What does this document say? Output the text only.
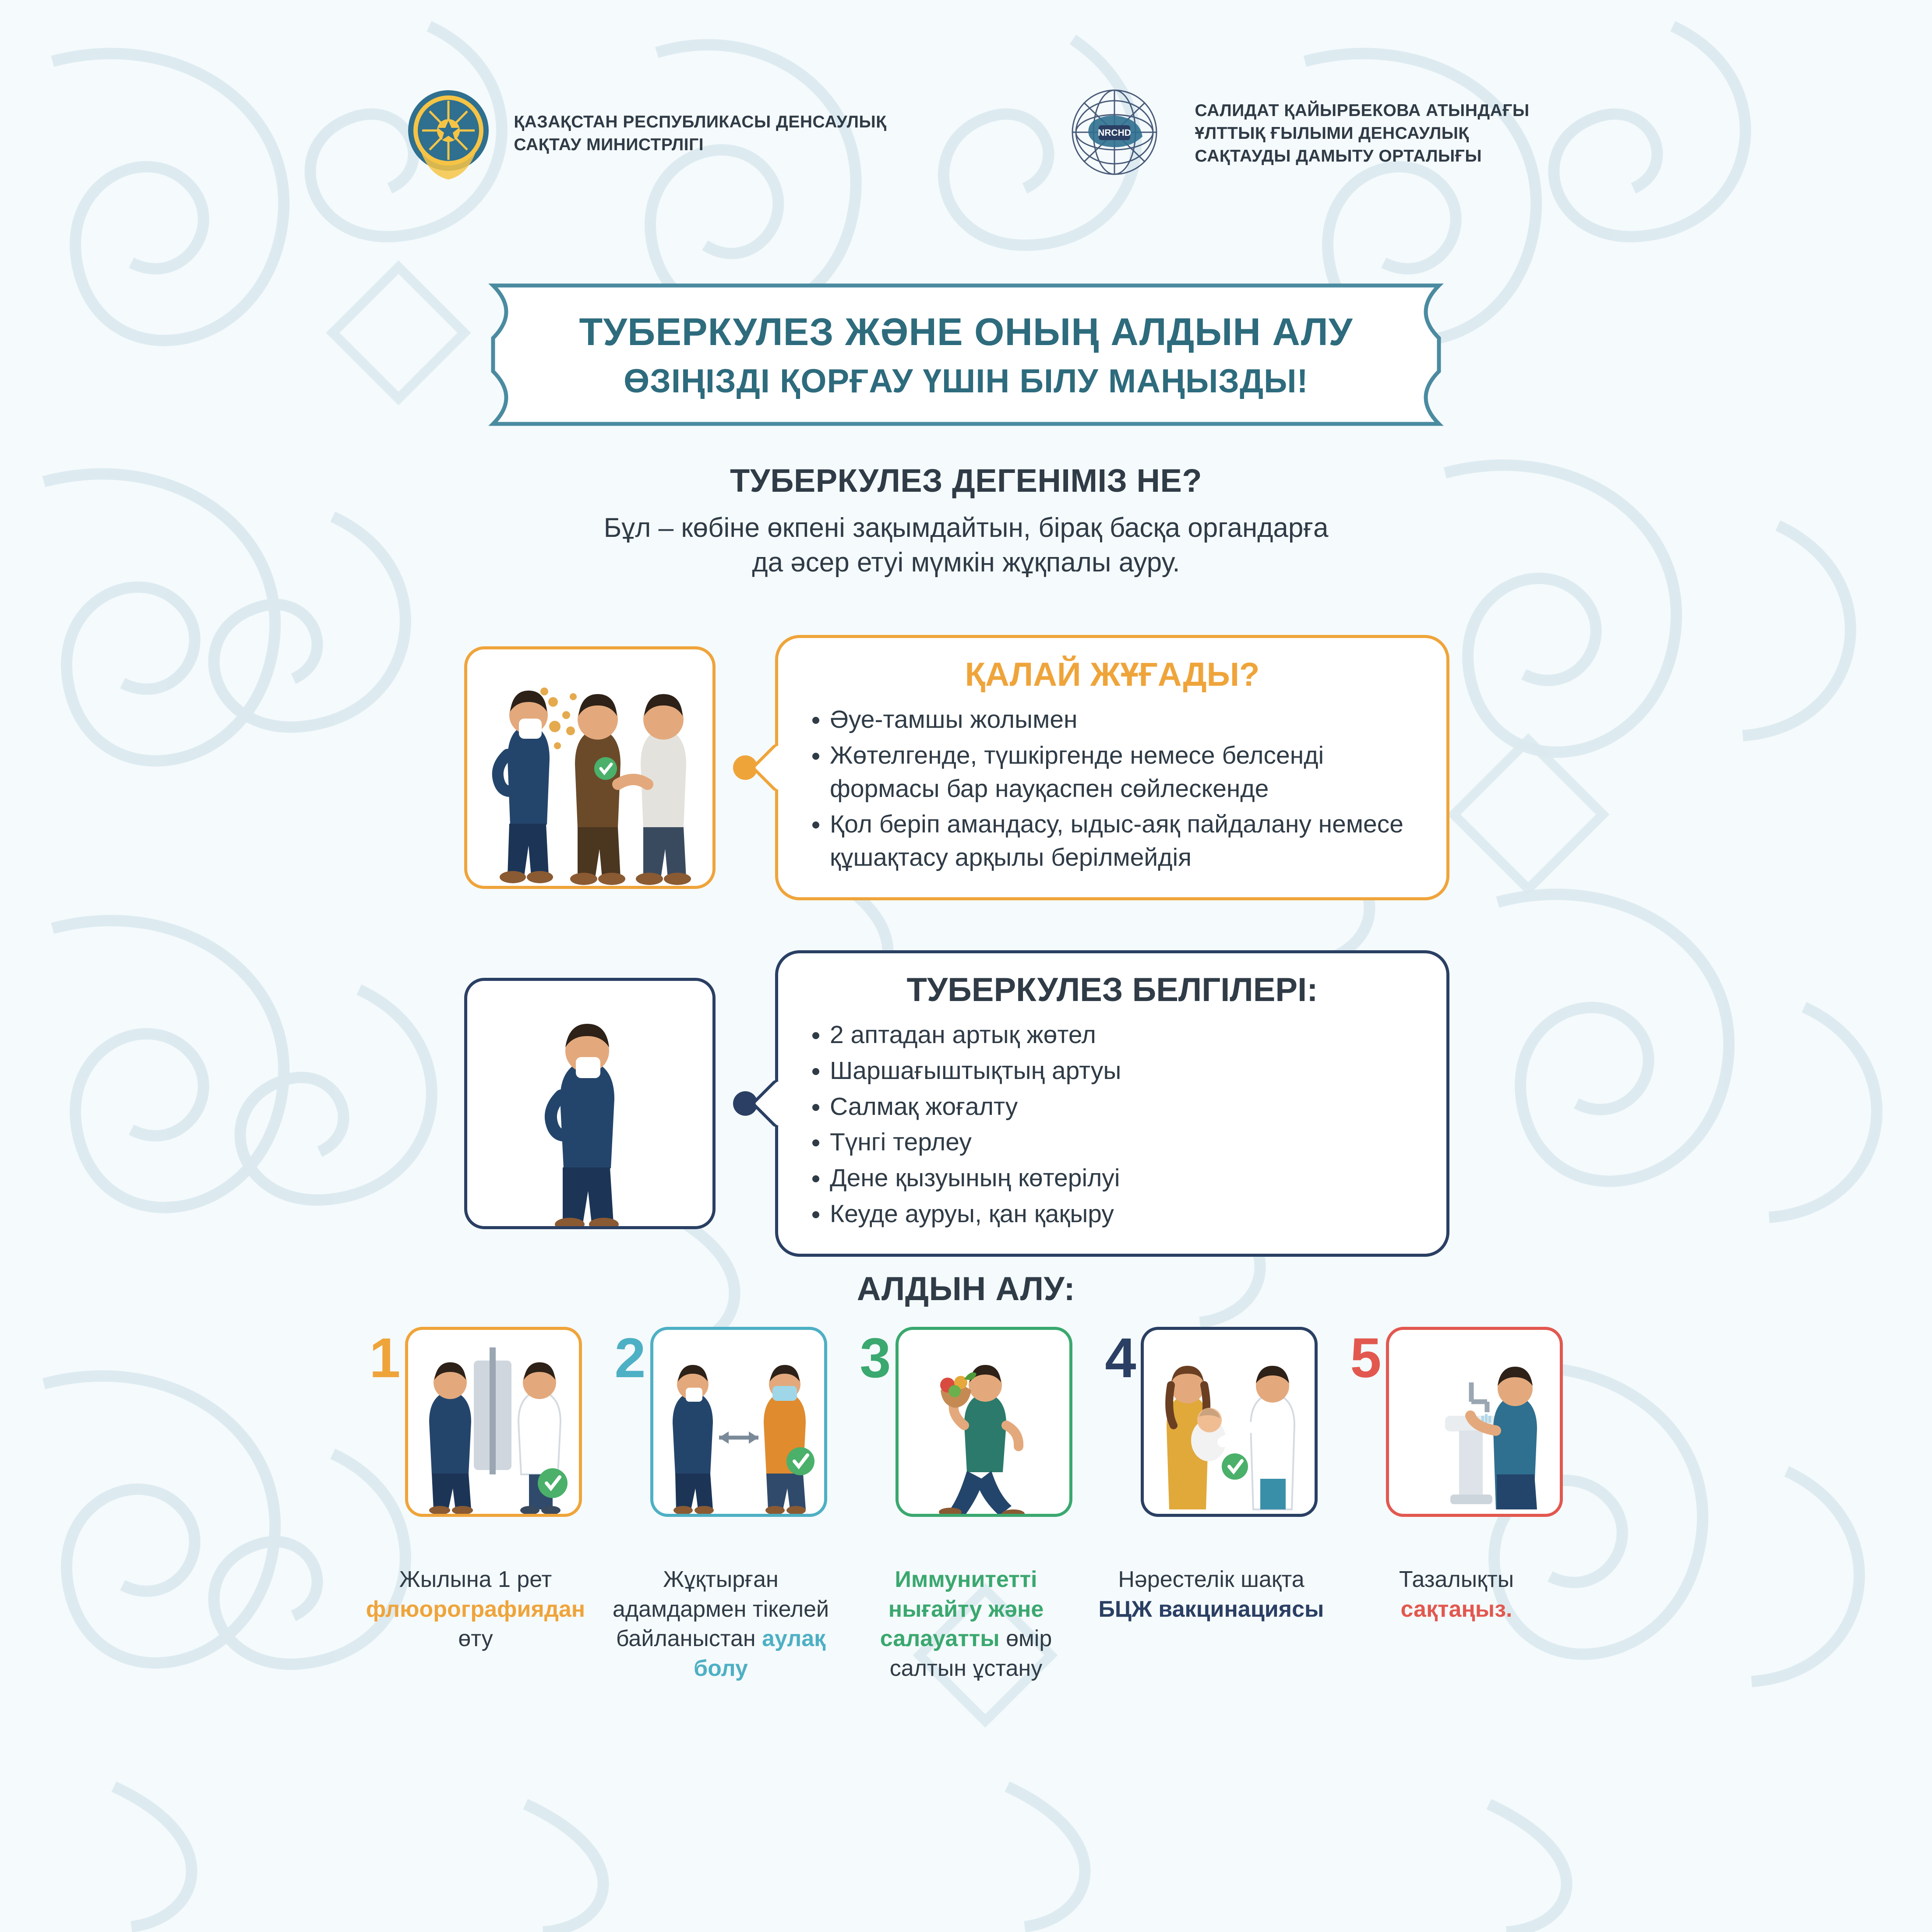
ҚАЗАҚСТАН РЕСПУБЛИКАСЫ ДЕНСАУЛЫҚ
САҚТАУ МИНИСТРЛІГІ
NRCHD
САЛИДАТ ҚАЙЫРБЕКОВА АТЫНДАҒЫ
ҰЛТТЫҚ ҒЫЛЫМИ ДЕНСАУЛЫҚ
САҚТАУДЫ ДАМЫТУ ОРТАЛЫҒЫ
ТУБЕРКУЛЕЗ ЖӘНЕ ОНЫҢ АЛДЫН АЛУ
ӨЗІҢІЗДІ ҚОРҒАУ ҮШІН БІЛУ МАҢЫЗДЫ!
ТУБЕРКУЛЕЗ ДЕГЕНІМІЗ НЕ?

Бұл – көбіне өкпені зақымдайтын, бірақ басқа органдарға
да әсер етуі мүмкін жұқпалы ауру.

ҚАЛАЙ ЖҰҒАДЫ?
Әуе-тамшы жолымен
Жөтелгенде, түшкіргенде немесе белсенді формасы бар науқаспен сөйлескенде
Қол беріп амандасу, ыдыс-аяқ пайдалану немесе құшақтасу арқылы берілмейдія
ТУБЕРКУЛЕЗ БЕЛГІЛЕРІ:
2 аптадан артық жөтел
Шаршағыштықтың артуы
Салмақ жоғалту
Түнгі терлеу
Дене қызуының көтерілуі
Кеуде ауруы, қан қақыру
АЛДЫН АЛУ:
1
Жылына 1 рет флюорографиядан өту
2
Жұқтырған адамдармен тікелей байланыстан аулақ болу
3
Иммунитетті нығайту және салауатты өмір салтын ұстану
4
Нәрестелік шақта БЦЖ вакцинациясы
5
Тазалықты сақтаңыз.
